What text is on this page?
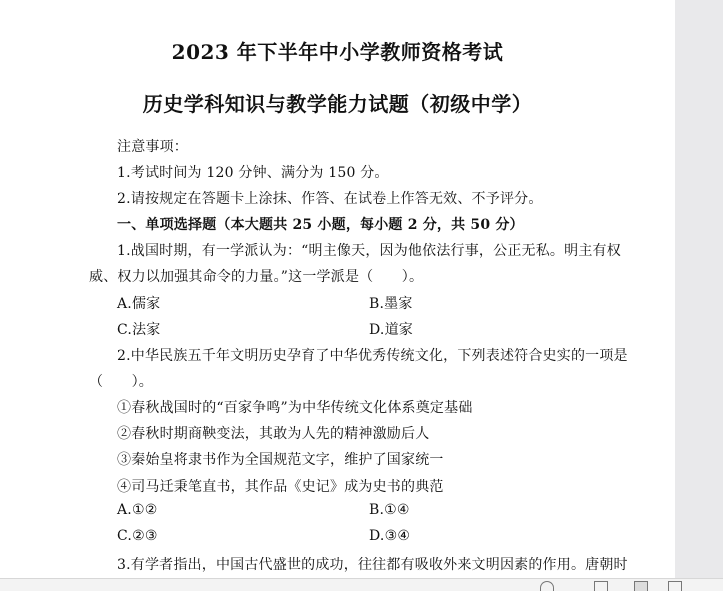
2023 年下半年中小学教师资格考试
历史学科知识与教学能力试题（初级中学）
注意事项：
1.考试时间为 120 分钟、满分为 150 分。
2.请按规定在答题卡上涂抹、作答、在试卷上作答无效、不予评分。
一、单项选择题（本大题共 25 小题，每小题 2 分，共 50 分）
1.战国时期，有一学派认为：“明主像天，因为他依法行事，公正无私。明主有权
威、权力以加强其命令的力量。”这一学派是（　　）。
A.儒家	B.墨家
C.法家	D.道家
2.中华民族五千年文明历史孕育了中华优秀传统文化，下列表述符合史实的一项是
（　　）。
①春秋战国时的“百家争鸣”为中华传统文化体系奠定基础
②春秋时期商鞅变法，其敢为人先的精神激励后人
③秦始皇将隶书作为全国规范文字，维护了国家统一
④司马迁秉笔直书，其作品《史记》成为史书的典范
A.①②	B.①④
C.②③	D.③④
3.有学者指出，中国古代盛世的成功，往往都有吸收外来文明因素的作用。唐朝时
